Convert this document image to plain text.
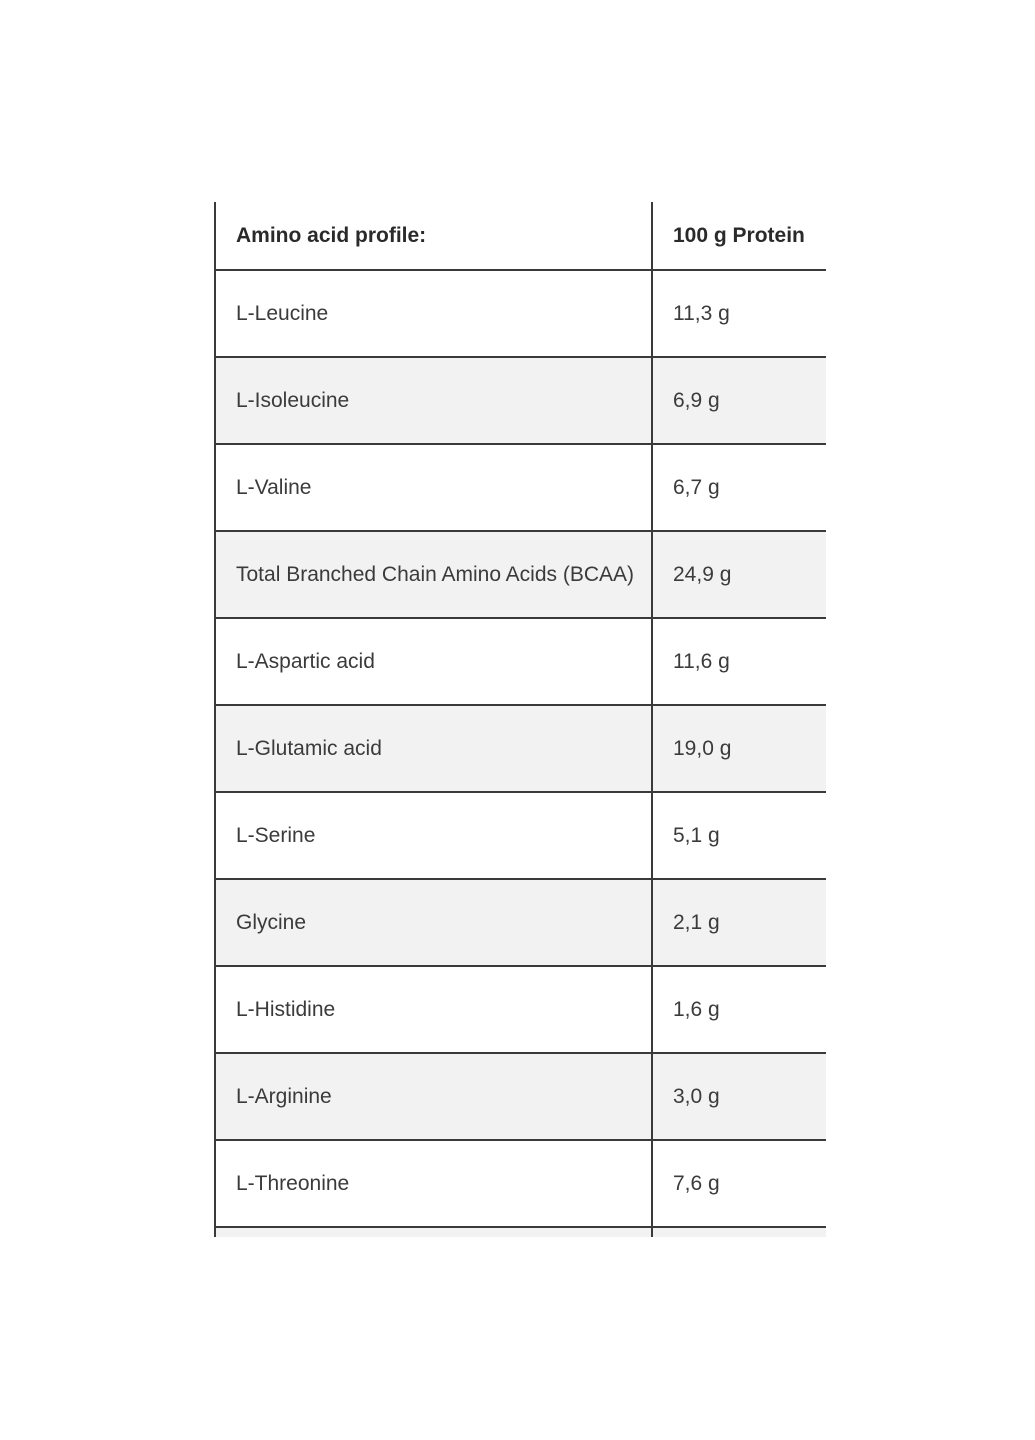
Amino acid profile:	100 g Protein
L-Leucine	11,3 g
L-Isoleucine	6,9 g
L-Valine	6,7 g
Total Branched Chain Amino Acids (BCAA)	24,9 g
L-Aspartic acid	11,6 g
L-Glutamic acid	19,0 g
L-Serine	5,1 g
Glycine	2,1 g
L-Histidine	1,6 g
L-Arginine	3,0 g
L-Threonine	7,6 g
